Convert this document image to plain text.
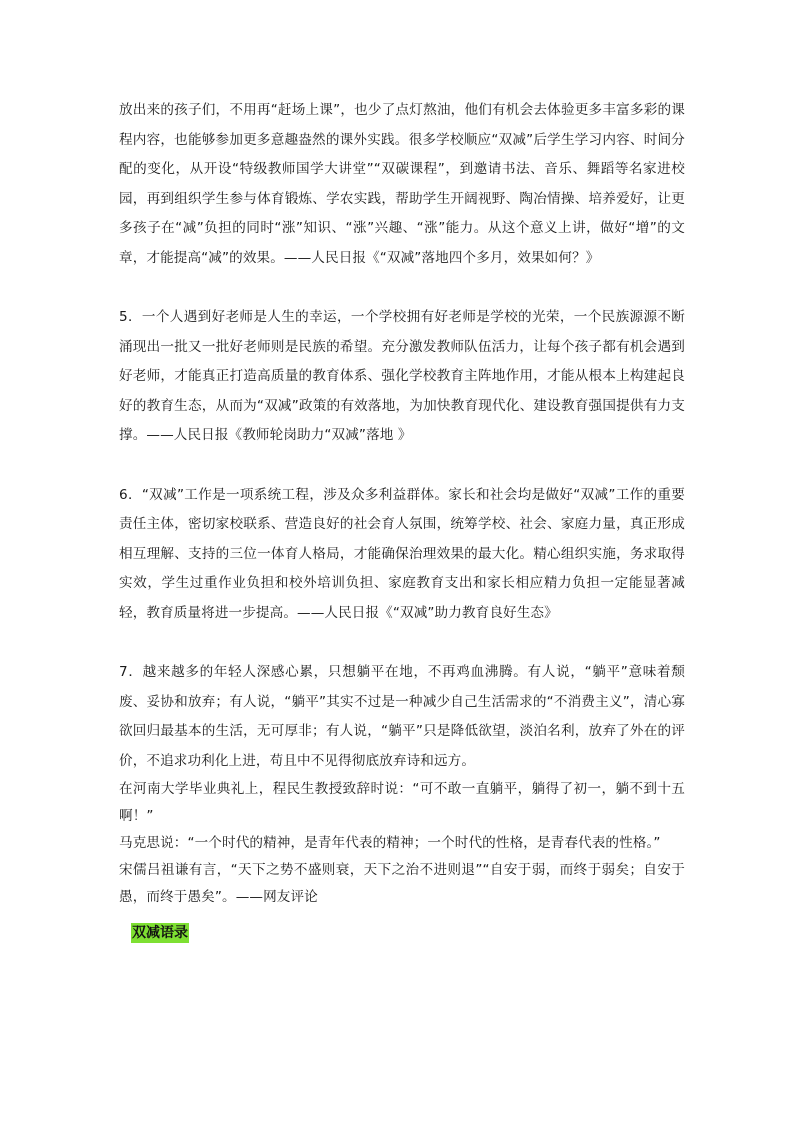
放出来的孩子们，不用再“赶场上课”，也少了点灯熬油，他们有机会去体验更多丰富多彩的课程内容，也能够参加更多意趣盎然的课外实践。很多学校顺应“双减”后学生学习内容、时间分配的变化，从开设“特级教师国学大讲堂”“双碳课程”，到邀请书法、音乐、舞蹈等名家进校园，再到组织学生参与体育锻炼、学农实践，帮助学生开阔视野、陶冶情操、培养爱好，让更多孩子在“减”负担的同时“涨”知识、“涨”兴趣、“涨”能力。从这个意义上讲，做好“增”的文章，才能提高“减”的效果。——人民日报《“双减”落地四个多月，效果如何？》

5．一个人遇到好老师是人生的幸运，一个学校拥有好老师是学校的光荣，一个民族源源不断涌现出一批又一批好老师则是民族的希望。充分激发教师队伍活力，让每个孩子都有机会遇到好老师，才能真正打造高质量的教育体系、强化学校教育主阵地作用，才能从根本上构建起良好的教育生态，从而为“双减”政策的有效落地，为加快教育现代化、建设教育强国提供有力支撑。——人民日报《教师轮岗助力“双减”落地 》

6．“双减”工作是一项系统工程，涉及众多利益群体。家长和社会均是做好“双减”工作的重要责任主体，密切家校联系、营造良好的社会育人氛围，统筹学校、社会、家庭力量，真正形成相互理解、支持的三位一体育人格局，才能确保治理效果的最大化。精心组织实施，务求取得实效，学生过重作业负担和校外培训负担、家庭教育支出和家长相应精力负担一定能显著减轻，教育质量将进一步提高。——人民日报《“双减”助力教育良好生态》

7．越来越多的年轻人深感心累，只想躺平在地，不再鸡血沸腾。有人说，“躺平”意味着颓废、妥协和放弃；有人说，“躺平”其实不过是一种减少自己生活需求的“不消费主义”，清心寡欲回归最基本的生活，无可厚非；有人说，“躺平”只是降低欲望，淡泊名利，放弃了外在的评价，不追求功利化上进，苟且中不见得彻底放弃诗和远方。

在河南大学毕业典礼上，程民生教授致辞时说：“可不敢一直躺平，躺得了初一，躺不到十五啊！”

马克思说：“一个时代的精神，是青年代表的精神；一个时代的性格，是青春代表的性格。”

宋儒吕祖谦有言，“天下之势不盛则衰，天下之治不进则退”“自安于弱，而终于弱矣；自安于愚，而终于愚矣”。——网友评论

双减语录
